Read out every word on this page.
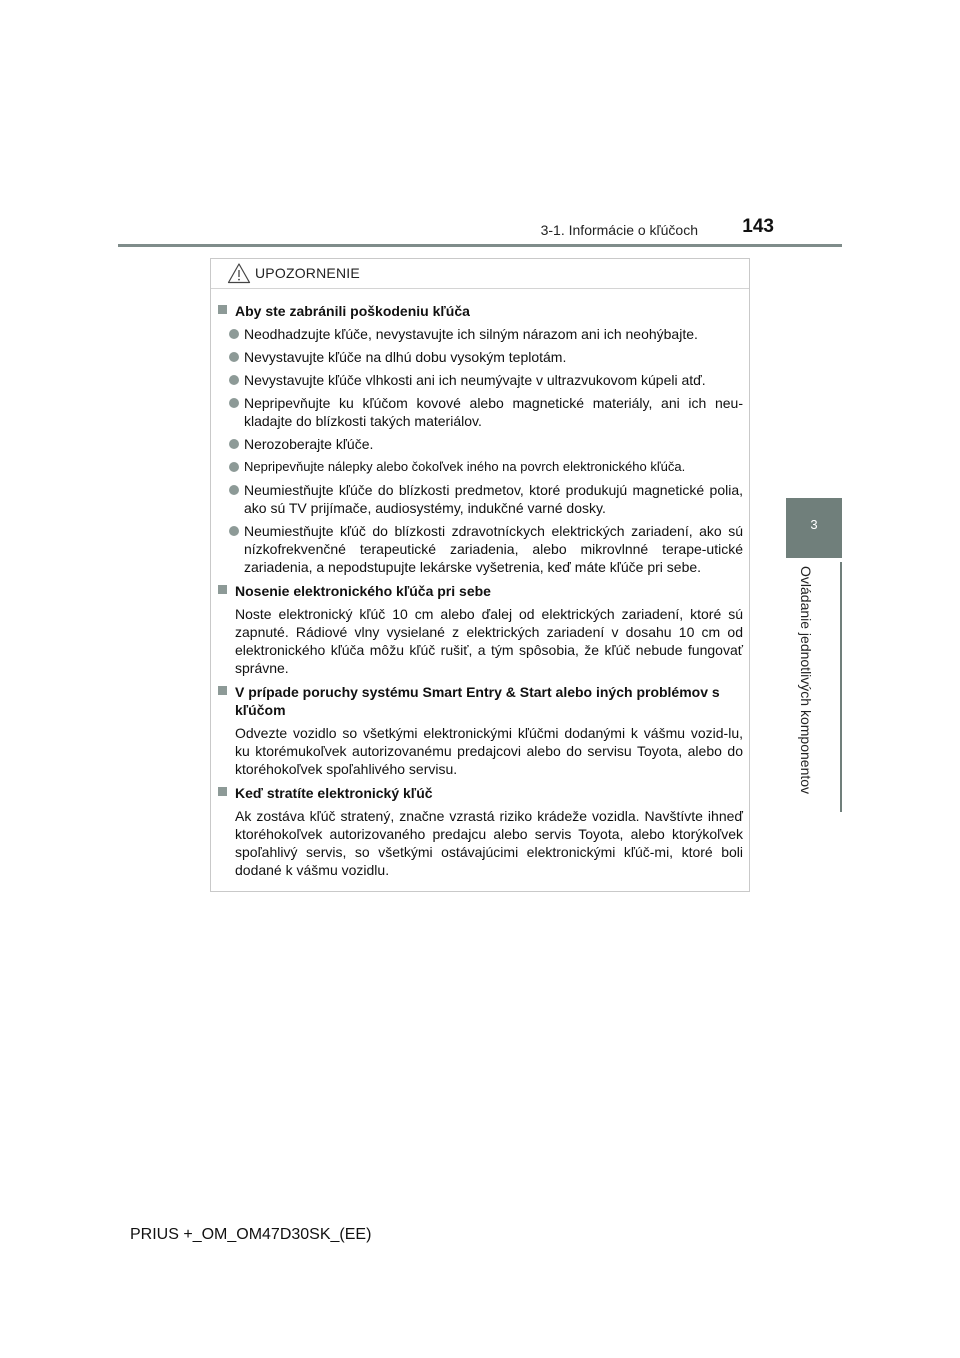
3-1. Informácie o kľúčoch	143
3
Ovládanie jednotlivých komponentov
UPOZORNENIE
Aby ste zabránili poškodeniu kľúča
Neodhadzujte kľúče, nevystavujte ich silným nárazom ani ich neohýbajte.
Nevystavujte kľúče na dlhú dobu vysokým teplotám.
Nevystavujte kľúče vlhkosti ani ich neumývajte v ultrazvukovom kúpeli atď.
Nepripevňujte ku kľúčom kovové alebo magnetické materiály, ani ich neu-kladajte do blízkosti takých materiálov.
Nerozoberajte kľúče.
Nepripevňujte nálepky alebo čokoľvek iného na povrch elektronického kľúča.
Neumiestňujte kľúče do blízkosti predmetov, ktoré produkujú magnetické polia, ako sú TV prijímače, audiosystémy, indukčné varné dosky.
Neumiestňujte kľúč do blízkosti zdravotníckych elektrických zariadení, ako sú nízkofrekvenčné terapeutické zariadenia, alebo mikrovlnné terape-utické zariadenia, a nepodstupujte lekárske vyšetrenia, keď máte kľúče pri sebe.
Nosenie elektronického kľúča pri sebe
Noste elektronický kľúč 10 cm alebo ďalej od elektrických zariadení, ktoré sú zapnuté. Rádiové vlny vysielané z elektrických zariadení v dosahu 10 cm od elektronického kľúča môžu kľúč rušiť, a tým spôsobia, že kľúč nebude fungovať správne.
V prípade poruchy systému Smart Entry & Start alebo iných problémov s kľúčom
Odvezte vozidlo so všetkými elektronickými kľúčmi dodanými k vášmu vozid-lu, ku ktorémukoľvek autorizovanému predajcovi alebo do servisu Toyota, alebo do ktoréhokoľvek spoľahlivého servisu.
Keď stratíte elektronický kľúč
Ak zostáva kľúč stratený, značne vzrastá riziko krádeže vozidla. Navštívte ihneď ktoréhokoľvek autorizovaného predajcu alebo servis Toyota, alebo ktorýkoľvek spoľahlivý servis, so všetkými ostávajúcimi elektronickými kľúč-mi, ktoré boli dodané k vášmu vozidlu.
PRIUS +_OM_OM47D30SK_(EE)
